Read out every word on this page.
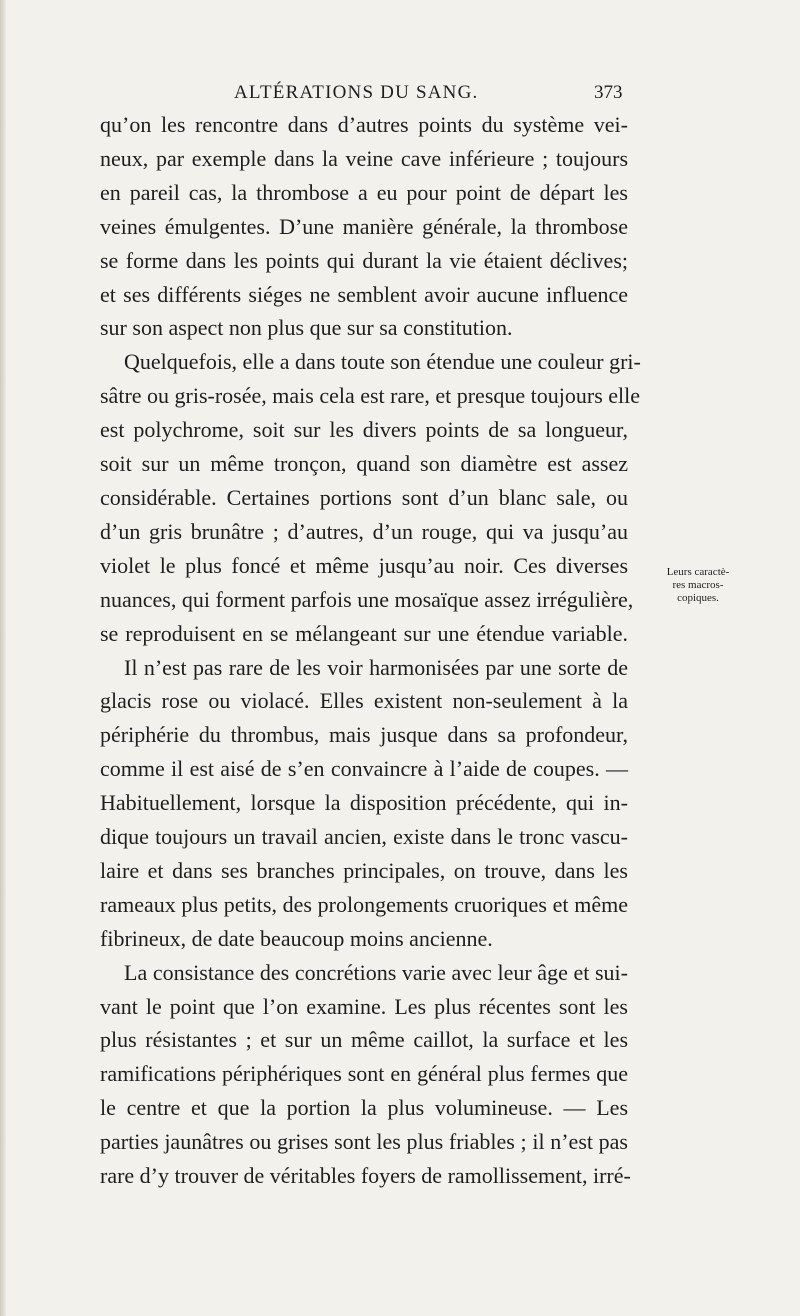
ALTÉRATIONS DU SANG.	373
Leurs caractè-
res macros-
copiques.
qu’on les rencontre dans d’autres points du système vei-
neux, par exemple dans la veine cave inférieure ; toujours
en pareil cas, la thrombose a eu pour point de départ les
veines émulgentes. D’une manière générale, la thrombose
se forme dans les points qui durant la vie étaient déclives;
et ses différents siéges ne semblent avoir aucune influence
sur son aspect non plus que sur sa constitution.
Quelquefois, elle a dans toute son étendue une couleur gri-
sâtre ou gris-rosée, mais cela est rare, et presque toujours elle
est polychrome, soit sur les divers points de sa longueur,
soit sur un même tronçon, quand son diamètre est assez
considérable. Certaines portions sont d’un blanc sale, ou
d’un gris brunâtre ; d’autres, d’un rouge, qui va jusqu’au
violet le plus foncé et même jusqu’au noir. Ces diverses
nuances, qui forment parfois une mosaïque assez irrégulière,
se reproduisent en se mélangeant sur une étendue variable.
Il n’est pas rare de les voir harmonisées par une sorte de
glacis rose ou violacé. Elles existent non-seulement à la
périphérie du thrombus, mais jusque dans sa profondeur,
comme il est aisé de s’en convaincre à l’aide de coupes. —
Habituellement, lorsque la disposition précédente, qui in-
dique toujours un travail ancien, existe dans le tronc vascu-
laire et dans ses branches principales, on trouve, dans les
rameaux plus petits, des prolongements cruoriques et même
fibrineux, de date beaucoup moins ancienne.
La consistance des concrétions varie avec leur âge et sui-
vant le point que l’on examine. Les plus récentes sont les
plus résistantes ; et sur un même caillot, la surface et les
ramifications périphériques sont en général plus fermes que
le centre et que la portion la plus volumineuse. — Les
parties jaunâtres ou grises sont les plus friables ; il n’est pas
rare d’y trouver de véritables foyers de ramollissement, irré-
